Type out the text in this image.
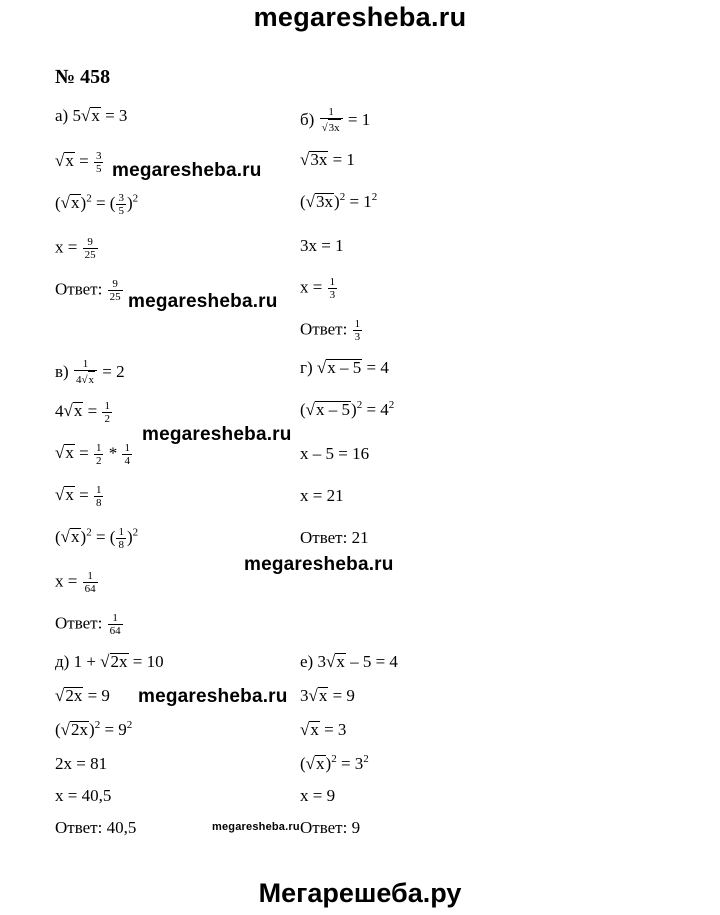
megaresheba.ru
№ 458
а) 5√x = 3
$√x = \frac{3}{5}$
$(√x)^2$ = ( $\frac{3}{5} )^2$
$x = \frac{9}{25}$
Ответ: $\frac{9}{25}$
$б) \frac{1}{√3x} = 1$
√3x = 1
$(√3x)^2 = 1^2$
3x = 1
$x = \frac{1}{3}$
Ответ: $\frac{1}{3}$
$в) \frac{1}{4√x} = 2$
$4√x = \frac{1}{2}$
$√x = \frac{1}{2} * \frac{1}{4}$
$√x = \frac{1}{8}$
$(√x)^2$ = ( $\frac{1}{8} )^2$
$x = \frac{1}{64}$
Ответ: $\frac{1}{64}$
г) √x – 5 = 4
$(√x - 5)^2 = 4^2$
x – 5 = 16
x = 21
Ответ: 21
д) 1 + √2x = 10
√2x = 9
$(√2x)^2 = 9^2$
2x = 81
x = 40,5
Ответ: 40,5
е) 3√x – 5 = 4
3√x = 9
√x = 3
$(√x)^2 = 3^2$
x = 9
Ответ: 9
megaresheba.ru
megaresheba.ru
megaresheba.ru
megaresheba.ru
megaresheba.ru
megaresheba.ru
Мегарешеба.ру
